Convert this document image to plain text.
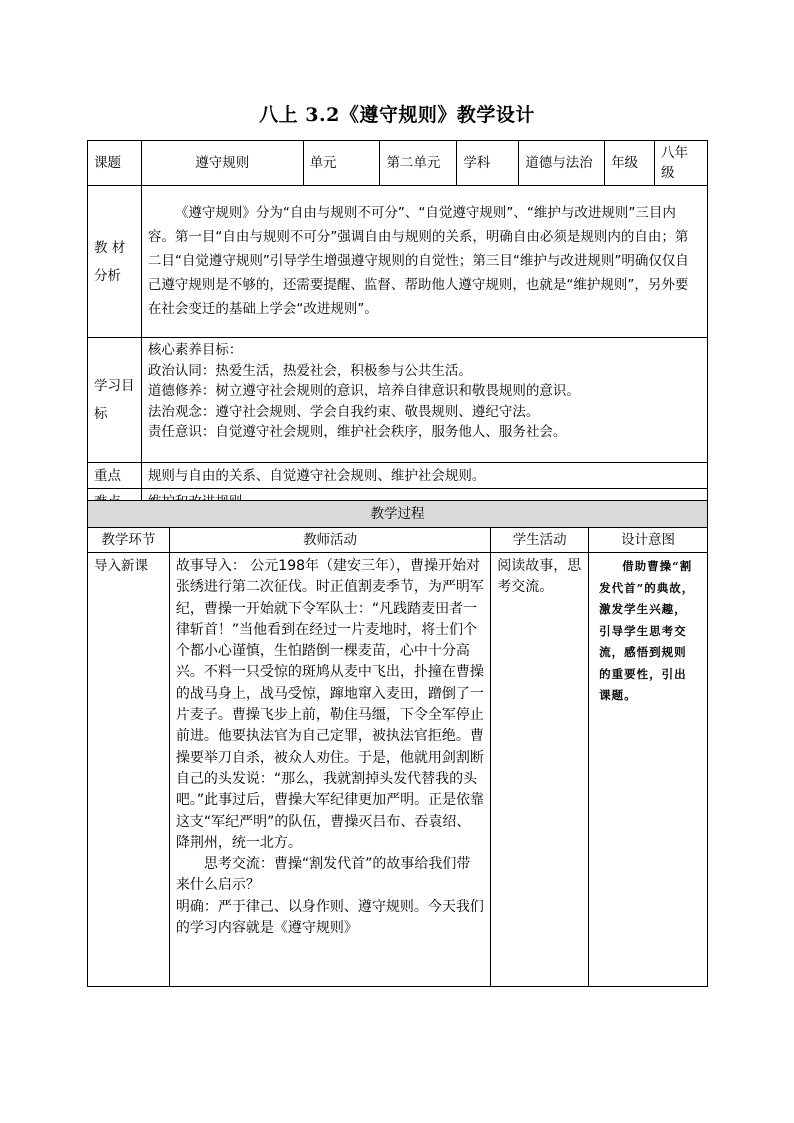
八上 3.2《遵守规则》教学设计
课题	遵守规则	单元	第二单元	学科	道德与法治	年级	八年级
教 材分析	《遵守规则》分为“自由与规则不可分”、“自觉遵守规则”、“维护与改进规则”三目内容。第一目“自由与规则不可分”强调自由与规则的关系，明确自由必须是规则内的自由；第二目“自觉遵守规则”引导学生增强遵守规则的自觉性；第三目“维护与改进规则”明确仅仅自己遵守规则是不够的，还需要提醒、监督、帮助他人遵守规则，也就是“维护规则”，另外要在社会变迁的基础上学会“改进规则”。						

学习目标	核心素养目标：
政治认同：热爱生活，热爱社会，积极参与公共生活。
道德修养：树立遵守社会规则的意识，培养自律意识和敬畏规则的意识。
法治观念：遵守社会规则、学会自我约束、敬畏规则、遵纪守法。
责任意识：自觉遵守社会规则，维护社会秩序，服务他人、服务社会。						

重点	规则与自由的关系、自觉遵守社会规则、维护社会规则。						

教学过程			
教学环节	教师活动	学生活动	设计意图
导入新课	故事导入： 公元198年（建安三年），曹操开始对张绣进行第二次征伐。时正值割麦季节，为严明军纪，曹操一开始就下令军队士：“凡践踏麦田者一律斩首！”当他看到在经过一片麦地时，将士们个个都小心谨慎，生怕踏倒一棵麦苗，心中十分高兴。不料一只受惊的斑鸠从麦中飞出，扑撞在曹操的战马身上，战马受惊，蹿地窜入麦田，蹭倒了一片麦子。曹操飞步上前，勒住马缰，下令全军停止前进。他要执法官为自己定罪，被执法官拒绝。曹操要举刀自杀，被众人劝住。于是，他就用剑割断自己的头发说：“那么，我就割掉头发代替我的头吧。”此事过后，曹操大军纪律更加严明。正是依靠这支“军纪严明”的队伍，曹操灭吕布、吞袁绍、降荆州，统一北方。
思考交流：曹操“割发代首”的故事给我们带来什么启示？
明确：严于律己、以身作则、遵守规则。今天我们的学习内容就是《遵守规则》	阅读故事，思考交流。	借助曹操“割发代首”的典故，激发学生兴趣，引导学生思考交流，感悟到规则的重要性，引出课题。
